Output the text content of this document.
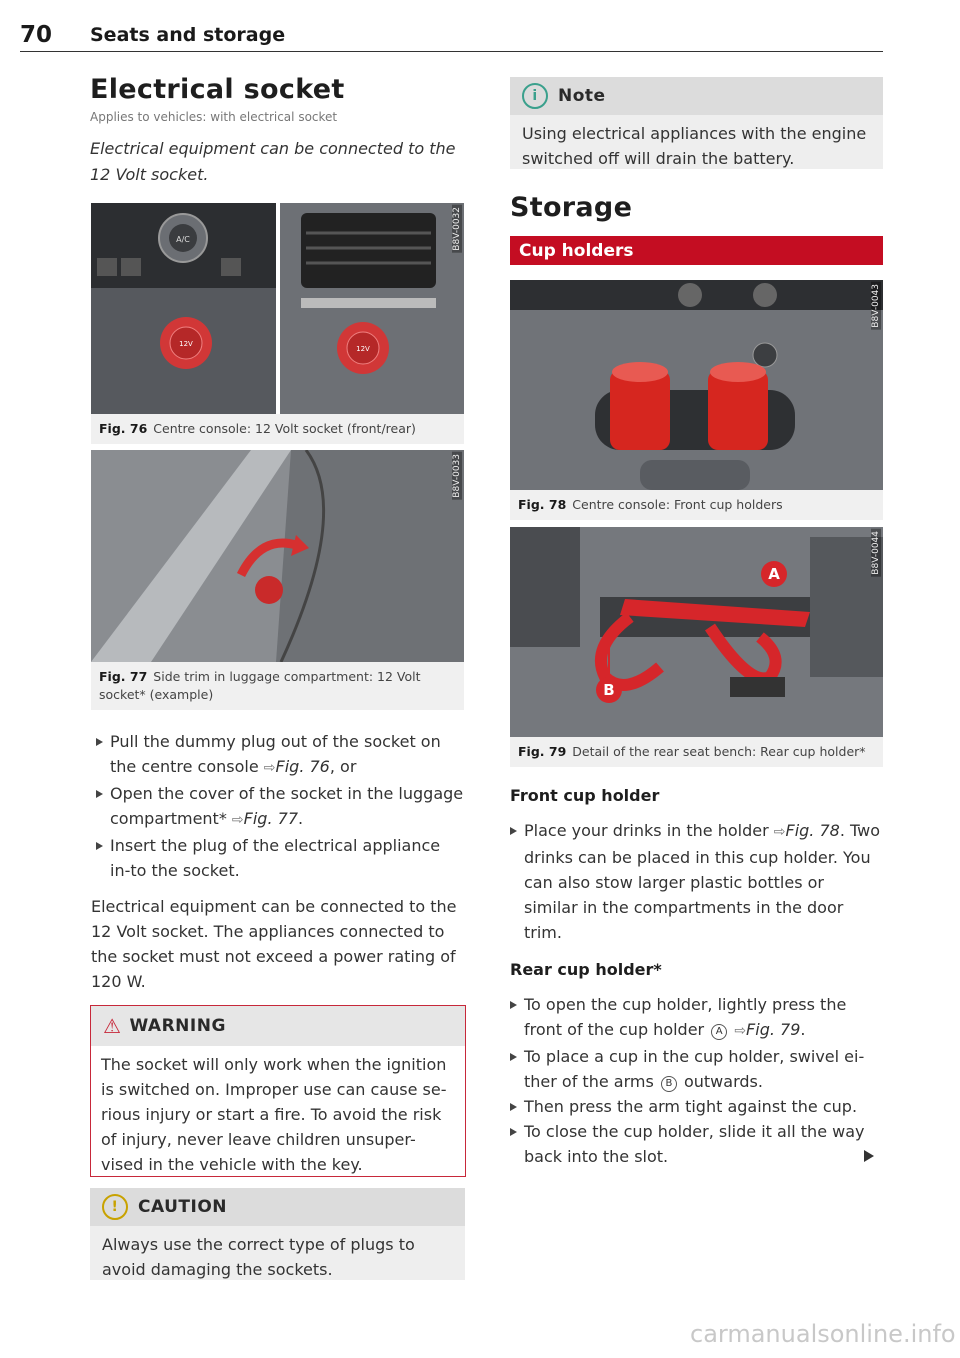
70 Seats and storage
Electrical socket
Applies to vehicles: with electrical socket
Electrical equipment can be connected to the 12 Volt socket.
A/C
12V
12V
B8V-0032
Fig. 76 Centre console: 12 Volt socket (front/rear)
B8V-0033
Fig. 77 Side trim in luggage compartment: 12 Volt socket* (example)
Pull the dummy plug out of the socket on the centre console ⇨Fig. 76, or
Open the cover of the socket in the luggage compartment* ⇨Fig. 77.
Insert the plug of the electrical appliance in-to the socket.
Electrical equipment can be connected to the 12 Volt socket. The appliances connected to the socket must not exceed a power rating of 120 W.
⚠ WARNING
The socket will only work when the ignition is switched on. Improper use can cause se-rious injury or start a fire. To avoid the risk of injury, never leave children unsuper-vised in the vehicle with the key.
!	CAUTION
Always use the correct type of plugs to avoid damaging the sockets.
i	Note
Using electrical appliances with the engine switched off will drain the battery.
Storage
Cup holders
B8V-0043
Fig. 78 Centre console: Front cup holders
A
B
B8V-0044
Fig. 79 Detail of the rear seat bench: Rear cup holder*
Front cup holder
Place your drinks in the holder ⇨Fig. 78. Two drinks can be placed in this cup holder. You can also stow larger plastic bottles or similar in the compartments in the door trim.
Rear cup holder*
To open the cup holder, lightly press the front of the cup holder A ⇨Fig. 79.
To place a cup in the cup holder, swivel ei-ther of the arms B outwards.
Then press the arm tight against the cup.
To close the cup holder, slide it all the way back into the slot.
carmanualsonline.info
